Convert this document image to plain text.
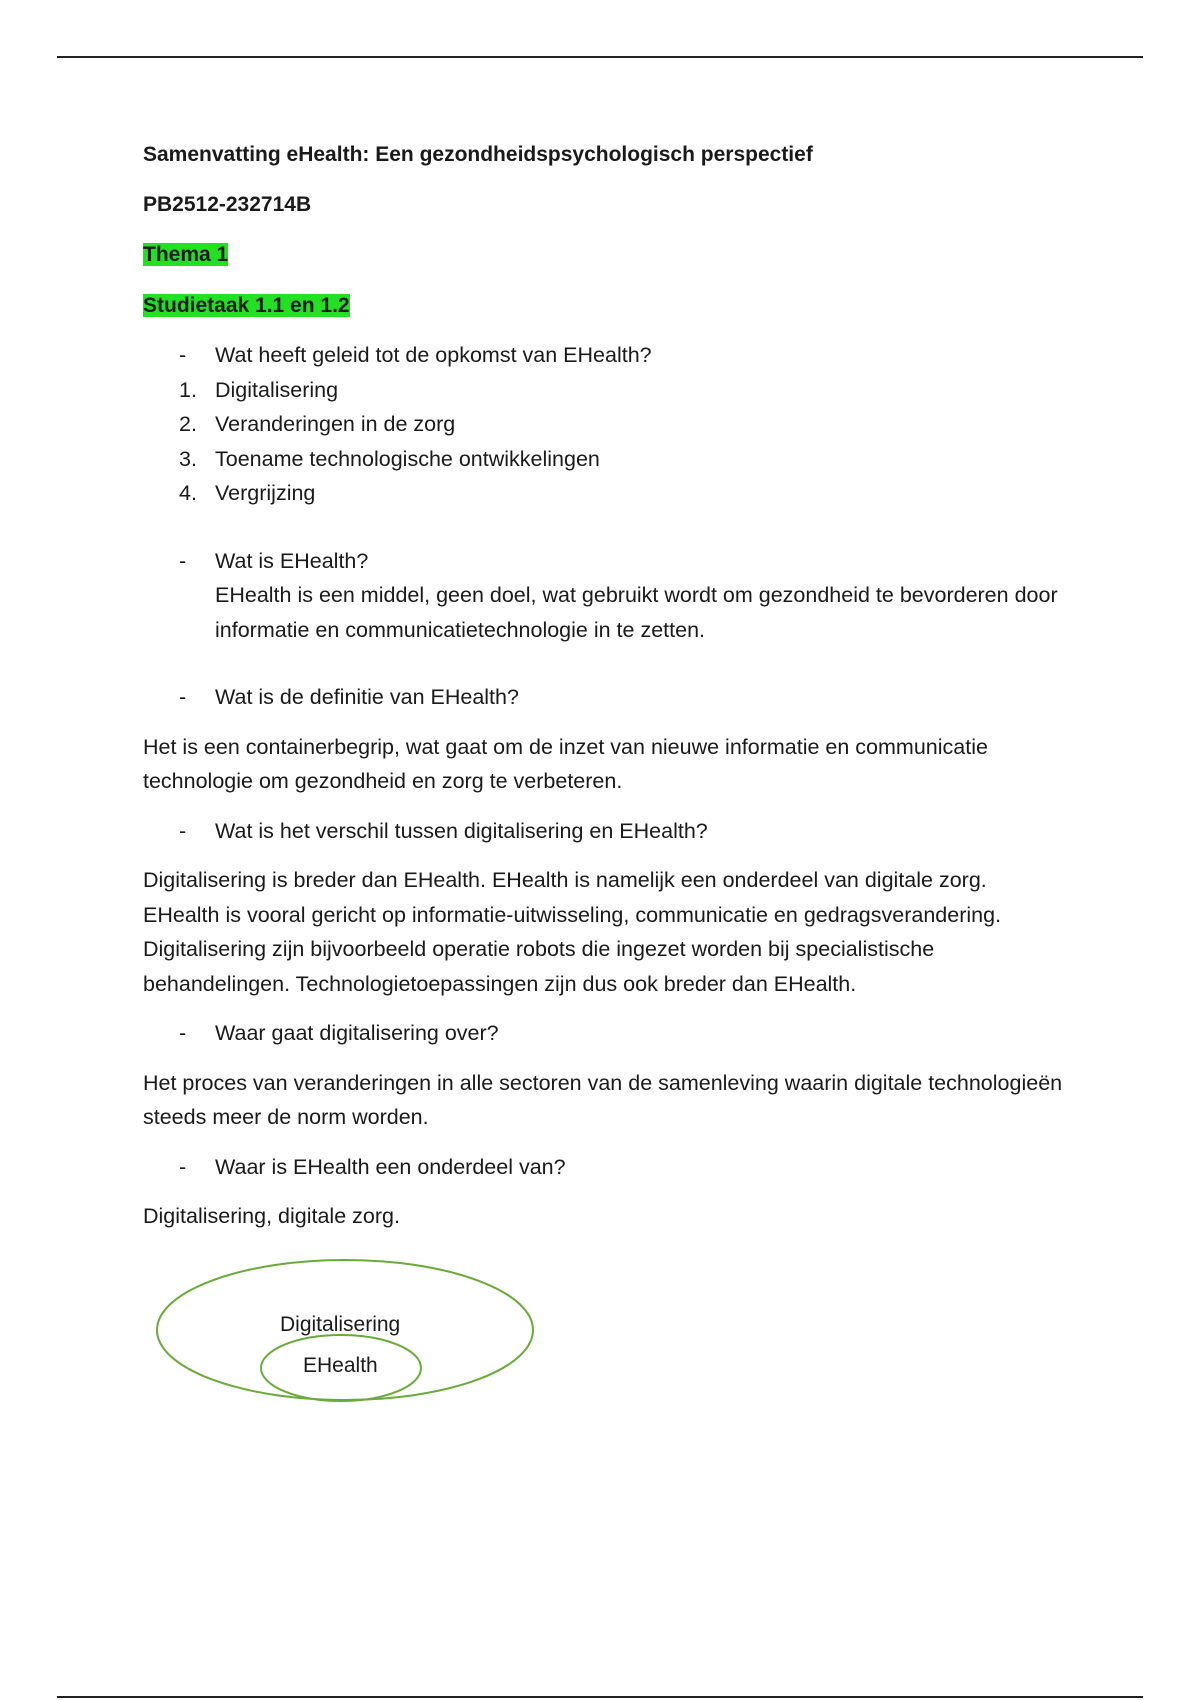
Samenvatting eHealth: Een gezondheidspsychologisch perspectief
PB2512-232714B
Thema 1
Studietaak 1.1 en 1.2
-	Wat heeft geleid tot de opkomst van EHealth?
1. Digitalisering
2. Veranderingen in de zorg
3. Toename technologische ontwikkelingen
4. Vergrijzing
-	Wat is EHealth?
EHealth is een middel, geen doel, wat gebruikt wordt om gezondheid te bevorderen door informatie en communicatietechnologie in te zetten.
-	Wat is de definitie van EHealth?

Het is een containerbegrip, wat gaat om de inzet van nieuwe informatie en communicatie technologie om gezondheid en zorg te verbeteren.

-	Wat is het verschil tussen digitalisering en EHealth?

Digitalisering is breder dan EHealth. EHealth is namelijk een onderdeel van digitale zorg. EHealth is vooral gericht op informatie-uitwisseling, communicatie en gedragsverandering. Digitalisering zijn bijvoorbeeld operatie robots die ingezet worden bij specialistische behandelingen. Technologietoepassingen zijn dus ook breder dan EHealth.

-	Waar gaat digitalisering over?

Het proces van veranderingen in alle sectoren van de samenleving waarin digitale technologieën steeds meer de norm worden.

-	Waar is EHealth een onderdeel van?

Digitalisering, digitale zorg.

Digitalisering
EHealth
